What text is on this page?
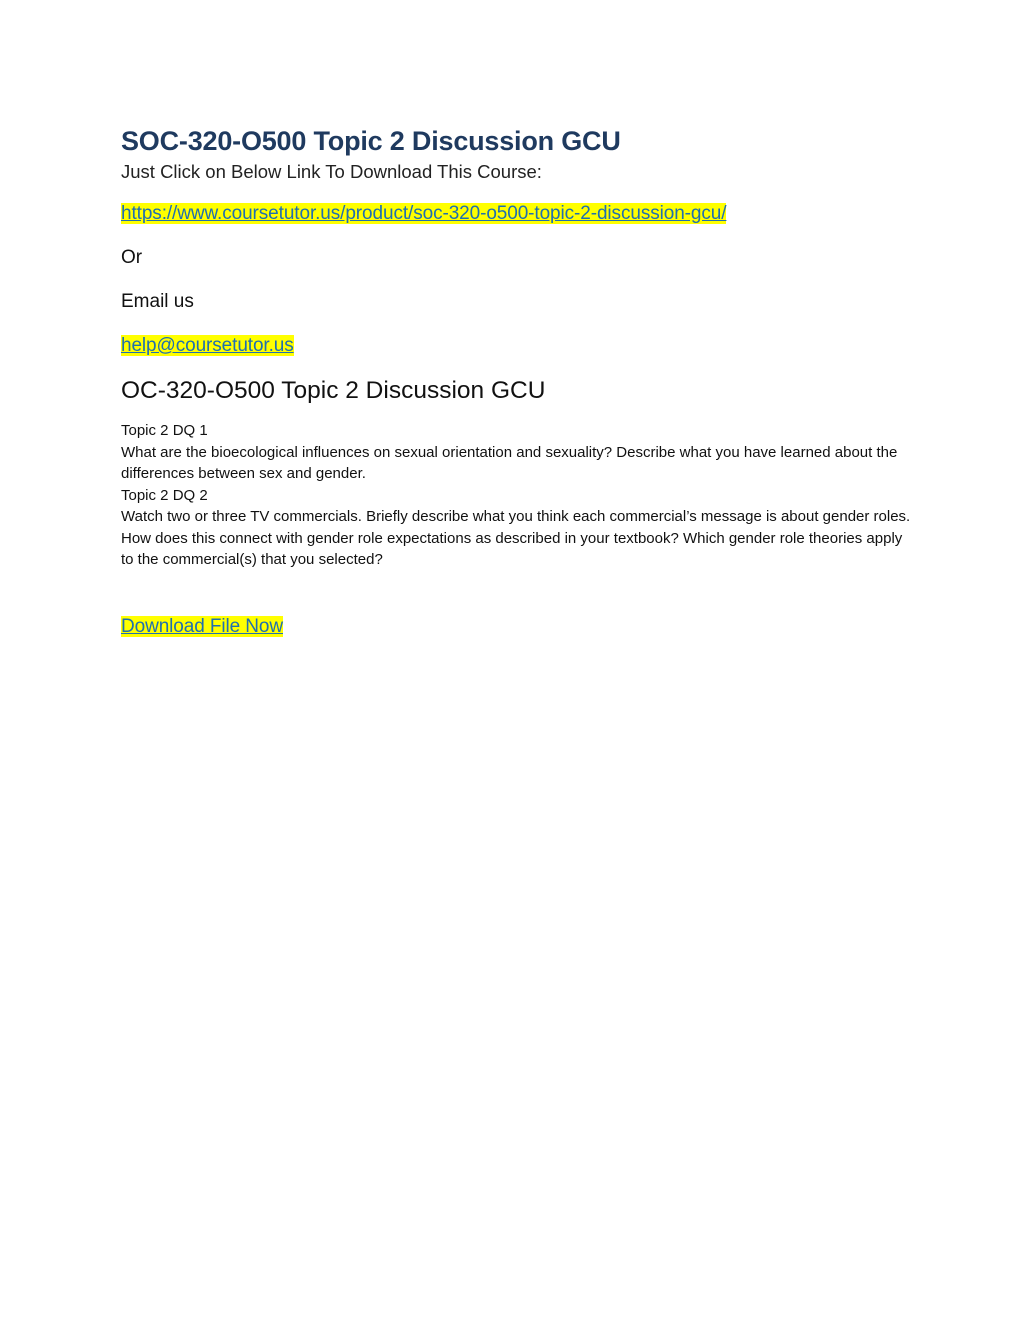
SOC-320-O500 Topic 2 Discussion GCU

Just Click on Below Link To Download This Course:

https://www.coursetutor.us/product/soc-320-o500-topic-2-discussion-gcu/

Or

Email us

help@coursetutor.us

OC-320-O500 Topic 2 Discussion GCU

Topic 2 DQ 1

What are the bioecological influences on sexual orientation and sexuality? Describe what you have learned about the differences between sex and gender.

Topic 2 DQ 2

Watch two or three TV commercials. Briefly describe what you think each commercial’s message is about gender roles. How does this connect with gender role expectations as described in your textbook? Which gender role theories apply to the commercial(s) that you selected?

Download File Now
